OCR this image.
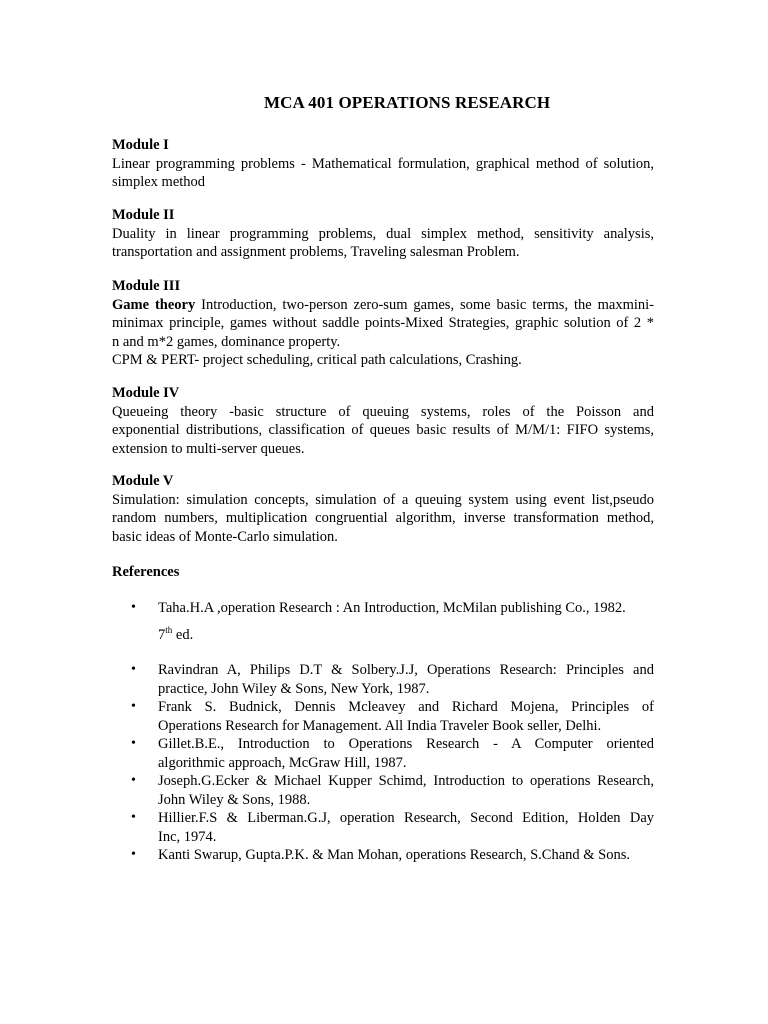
MCA 401 OPERATIONS RESEARCH

Module I

Linear programming problems - Mathematical formulation, graphical method of solution,
simplex method

Module II

Duality in linear programming problems, dual simplex method, sensitivity analysis,
transportation and assignment problems, Traveling salesman Problem.

Module III

Game theory Introduction, two-person zero-sum games, some basic terms, the maxmini-
minimax principle, games without saddle points-Mixed Strategies, graphic solution of 2 *
n and m*2 games, dominance property.
CPM & PERT- project scheduling, critical path calculations, Crashing.

Module IV

Queueing theory -basic structure of queuing systems, roles of the Poisson and
exponential distributions, classification of queues basic results of M/M/1: FIFO systems,
extension to multi-server queues.

Module V

Simulation: simulation concepts, simulation of a queuing system using event list,pseudo
random numbers, multiplication congruential algorithm, inverse transformation method,
basic ideas of Monte-Carlo simulation.

References

• Taha.H.A ,operation Research : An Introduction, McMilan publishing Co., 1982.
7th ed.
• Ravindran A, Philips D.T & Solbery.J.J, Operations Research: Principles and
practice, John Wiley & Sons, New York, 1987.
• Frank S. Budnick, Dennis Mcleavey and Richard Mojena, Principles of
Operations Research for Management. All India Traveler Book seller, Delhi.
• Gillet.B.E., Introduction to Operations Research - A Computer oriented
algorithmic approach, McGraw Hill, 1987.
• Joseph.G.Ecker & Michael Kupper Schimd, Introduction to operations Research,
John Wiley & Sons, 1988.
• Hillier.F.S & Liberman.G.J, operation Research, Second Edition, Holden Day
Inc, 1974.
• Kanti Swarup, Gupta.P.K. & Man Mohan, operations Research, S.Chand & Sons.
